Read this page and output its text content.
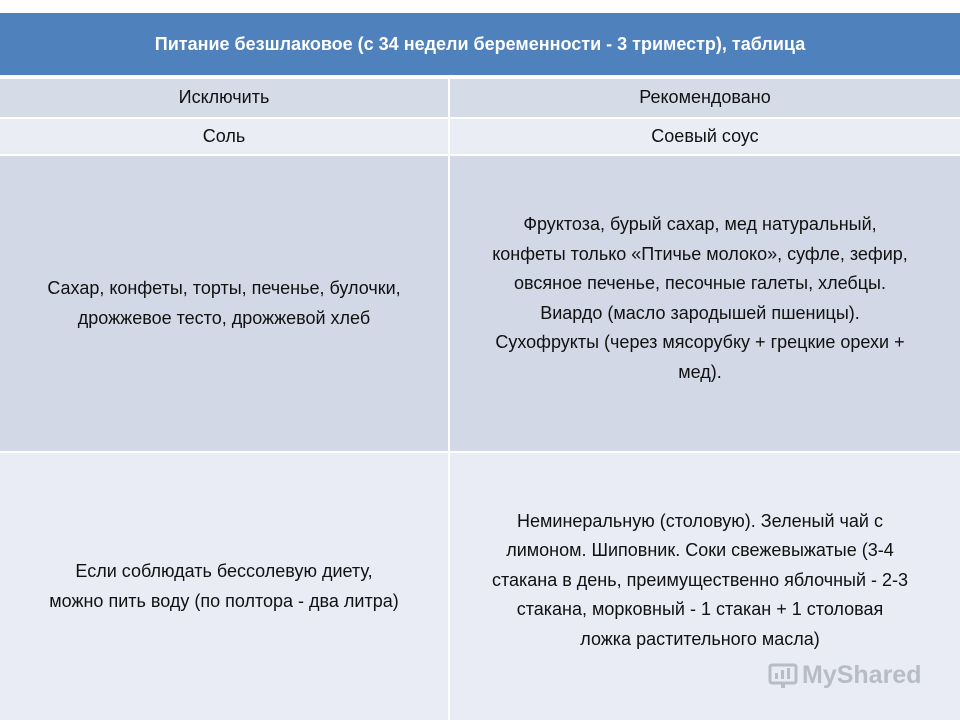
Питание безшлаковое (с 34 недели беременности - 3 триместр), таблица
Исключить	Рекомендовано
Соль	Соевый соус
Сахар, конфеты, торты, печенье, булочки,
дрожжевое тесто, дрожжевой хлеб
Фруктоза, бурый сахар, мед натуральный,
конфеты только «Птичье молоко», суфле, зефир,
овсяное печенье, песочные галеты, хлебцы.
Виардо (масло зародышей пшеницы).
Сухофрукты (через мясорубку + грецкие орехи +
мед).
Если соблюдать бессолевую диету,
можно пить воду (по полтора - два литра)
Неминеральную (столовую). Зеленый чай с
лимоном. Шиповник. Соки свежевыжатые (3-4
стакана в день, преимущественно яблочный - 2-3
стакана, морковный - 1 стакан + 1 столовая
ложка растительного масла)
MyShared
